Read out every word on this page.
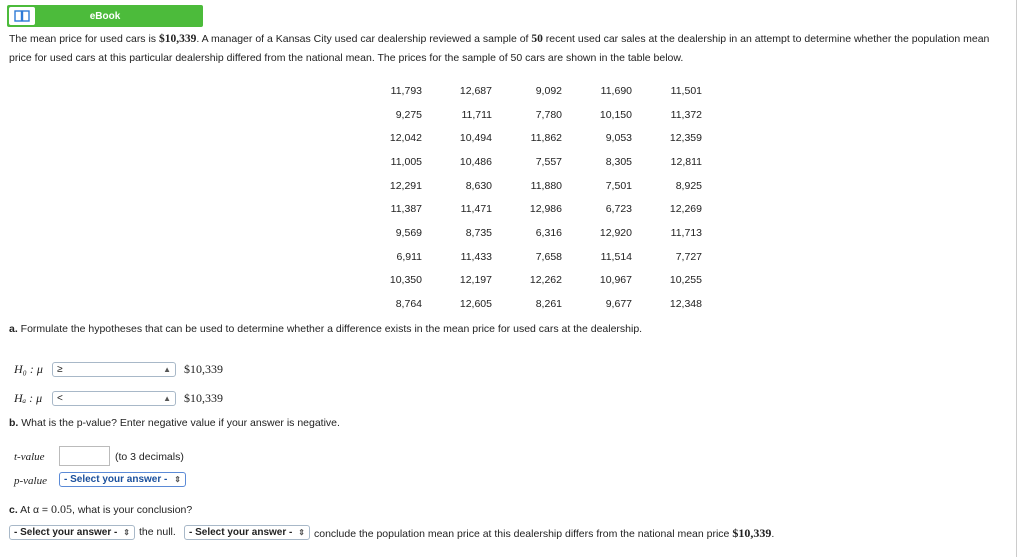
eBook
The mean price for used cars is $10,339. A manager of a Kansas City used car dealership reviewed a sample of 50 recent used car sales at the dealership in an attempt to determine whether the population mean price for used cars at this particular dealership differed from the national mean. The prices for the sample of 50 cars are shown in the table below.
11,793	12,687	9,092	11,690	11,501
9,275	11,711	7,780	10,150	11,372
12,042	10,494	11,862	9,053	12,359
11,005	10,486	7,557	8,305	12,811
12,291	8,630	11,880	7,501	8,925
11,387	11,471	12,986	6,723	12,269
9,569	8,735	6,316	12,920	11,713
6,911	11,433	7,658	11,514	7,727
10,350	12,197	12,262	10,967	10,255
8,764	12,605	8,261	9,677	12,348
a. Formulate the hypotheses that can be used to determine whether a difference exists in the mean price for used cars at the dealership.
H₀ : μ ≥	▲ $10,339
Hₐ : μ <	▲ $10,339
b. What is the p-value? Enter negative value if your answer is negative.
t-value	(to 3 decimals)
p-value - Select your answer - ⇕
c. At α = 0.05, what is your conclusion?
- Select your answer - ⇕ the null. - Select your answer - ⇕ conclude the population mean price at this dealership differs from the national mean price $10,339.
